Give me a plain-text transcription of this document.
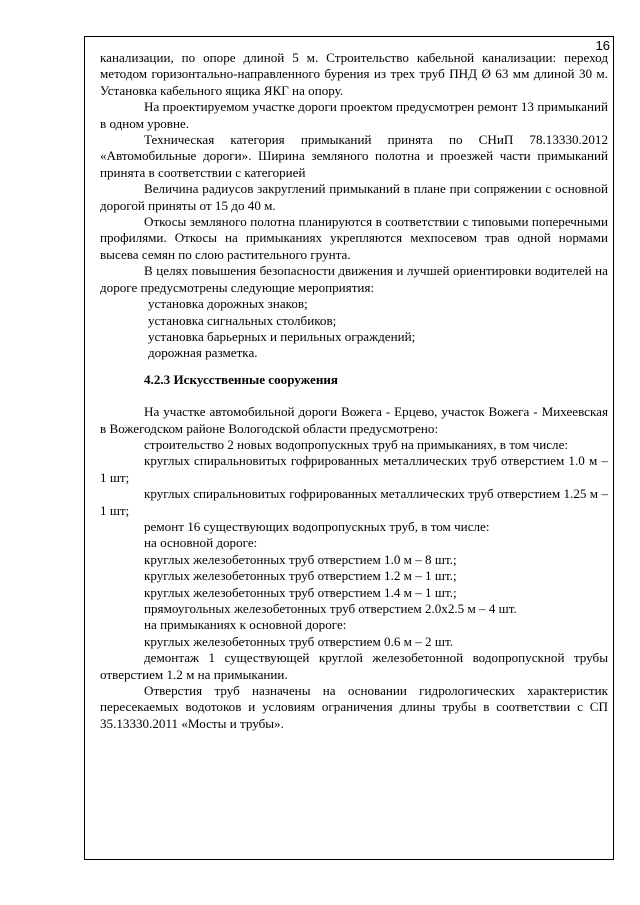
16

канализации, по опоре длиной 5 м. Строительство кабельной канализации: переход методом горизонтально-направленного бурения из трех труб ПНД Ø 63 мм длиной 30 м. Установка кабельного ящика ЯКГ на опору.

На проектируемом участке дороги проектом предусмотрен ремонт 13 примыканий в одном уровне.

Техническая категория примыканий принята по СНиП 78.13330.2012 «Автомобильные дороги». Ширина земляного полотна и проезжей части примыканий принята в соответствии с категорией

Величина радиусов закруглений примыканий в плане при сопряжении с основной дорогой приняты от 15 до 40 м.

Откосы земляного полотна планируются в соответствии с типовыми поперечными профилями. Откосы на примыканиях укрепляются мехпосевом трав одной нормами высева семян по слою растительного грунта.

В целях повышения безопасности движения и лучшей ориентировки водителей на дороге предусмотрены следующие мероприятия:

установка дорожных знаков;

установка сигнальных столбиков;

установка барьерных и перильных ограждений;

дорожная разметка.

4.2.3 Искусственные сооружения

На участке автомобильной дороги Вожега - Ерцево, участок Вожега - Михеевская в Вожегодском районе Вологодской области предусмотрено:

строительство 2 новых водопропускных труб на примыканиях, в том числе:

круглых спиральновитых гофрированных металлических труб отверстием 1.0 м – 1 шт;

круглых спиральновитых гофрированных металлических труб отверстием 1.25 м – 1 шт;

ремонт 16 существующих водопропускных труб, в том числе:

на основной дороге:

круглых железобетонных труб отверстием 1.0 м – 8 шт.;

круглых железобетонных труб отверстием 1.2 м – 1 шт.;

круглых железобетонных труб отверстием 1.4 м – 1 шт.;

прямоугольных железобетонных труб отверстием 2.0х2.5 м – 4 шт.

на примыканиях к основной дороге:

круглых железобетонных труб отверстием 0.6 м – 2 шт.

демонтаж 1 существующей круглой железобетонной водопропускной трубы отверстием 1.2 м на примыкании.

Отверстия труб назначены на основании гидрологических характеристик пересекаемых водотоков и условиям ограничения длины трубы в соответствии с СП 35.13330.2011 «Мосты и трубы».
